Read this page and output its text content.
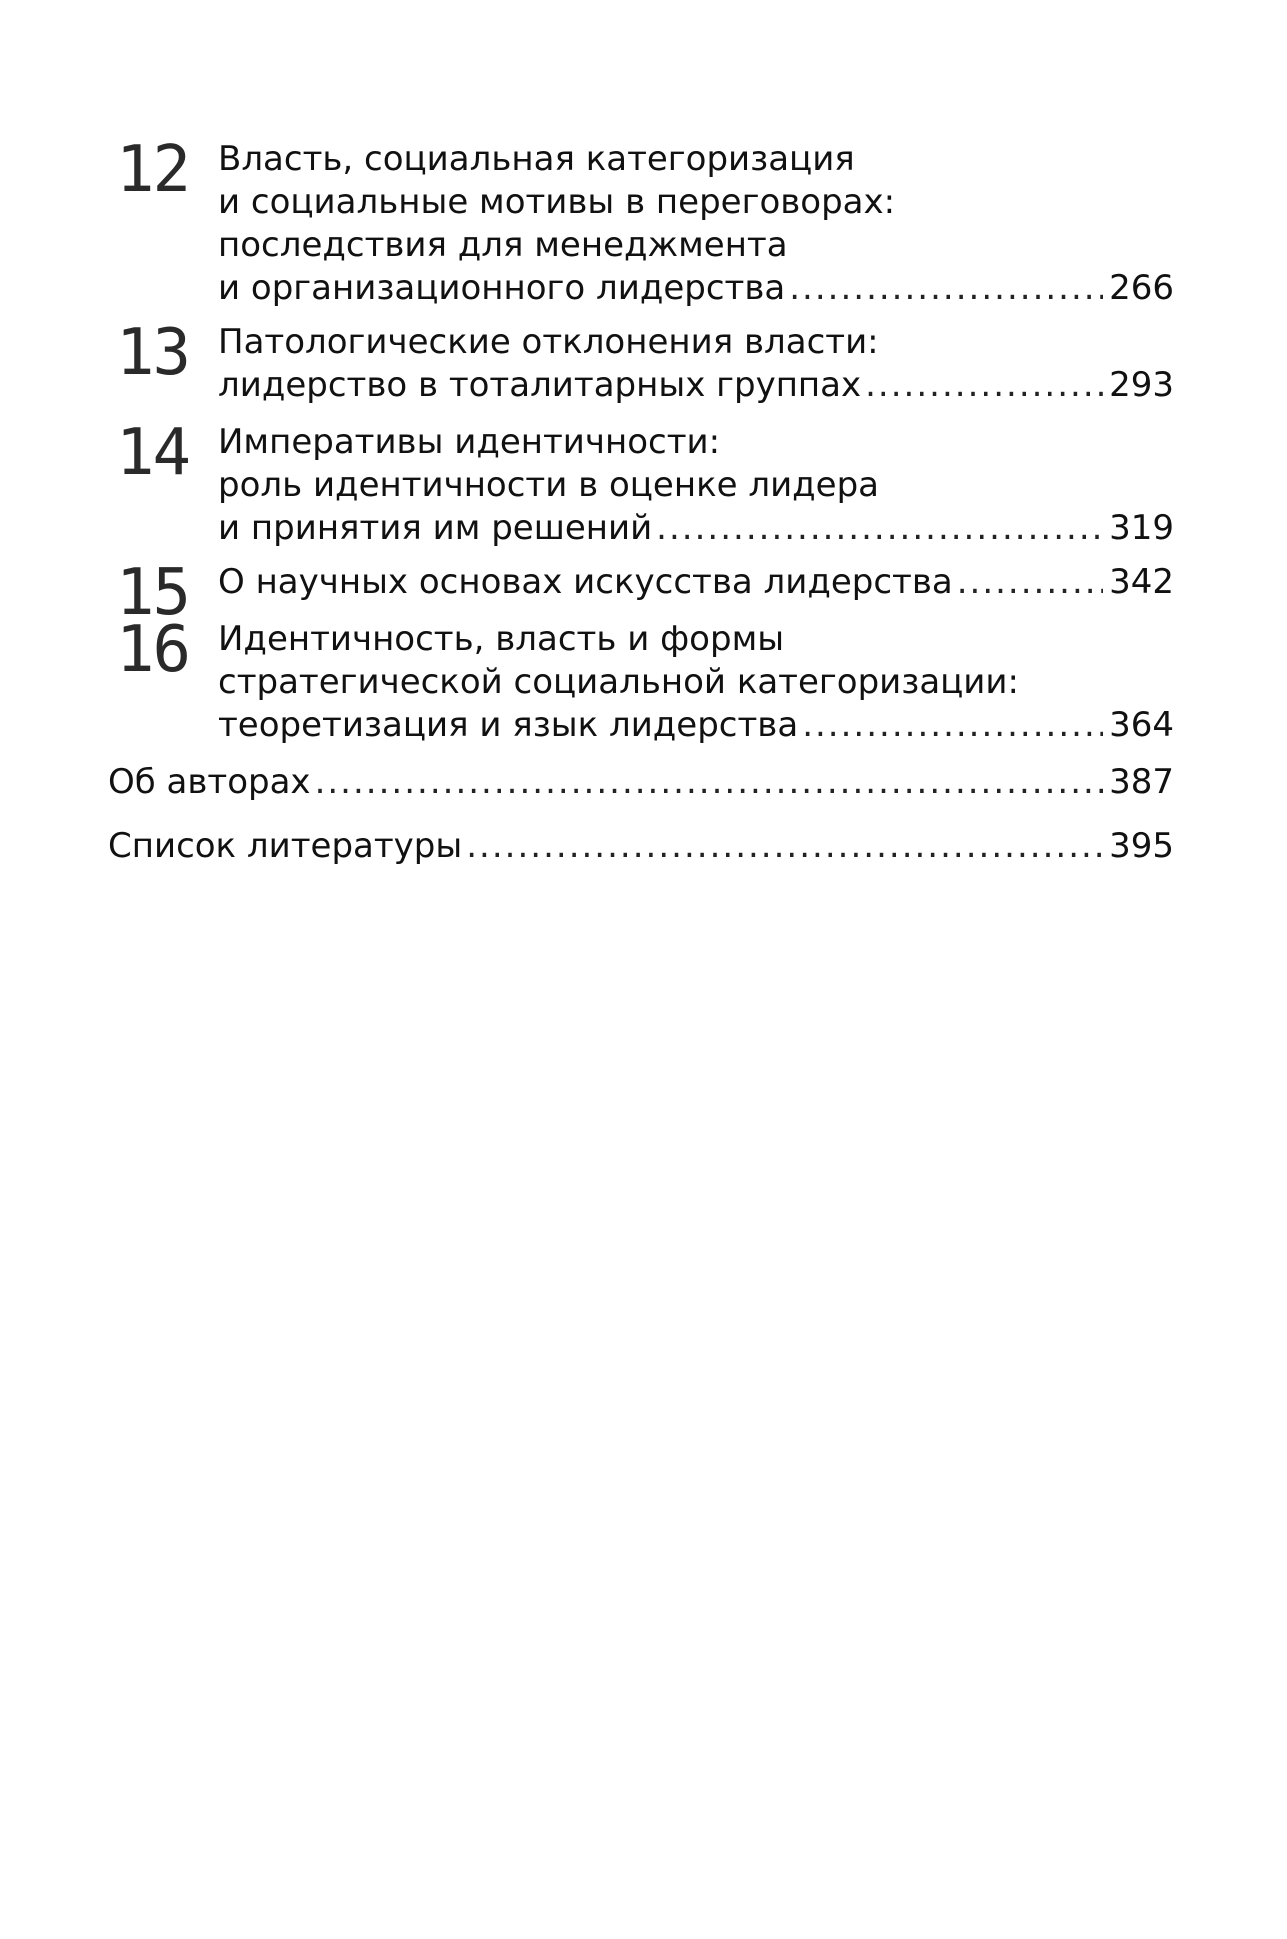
12 Власть, социальная категоризация
и социальные мотивы в переговорах:
последствия для менеджмента
и организационного лидерства .....	266
13 Патологические отклонения власти:
лидерство в тоталитарных группах .....	293
14 Императивы идентичности:
роль идентичности в оценке лидера
и принятия им решений .....	319
15 О научных основах искусства лидерства .....	342
16 Идентичность, власть и формы
стратегической социальной категоризации:
теоретизация и язык лидерства .....	364
Об авторах .....	387
Список литературы .....	395
